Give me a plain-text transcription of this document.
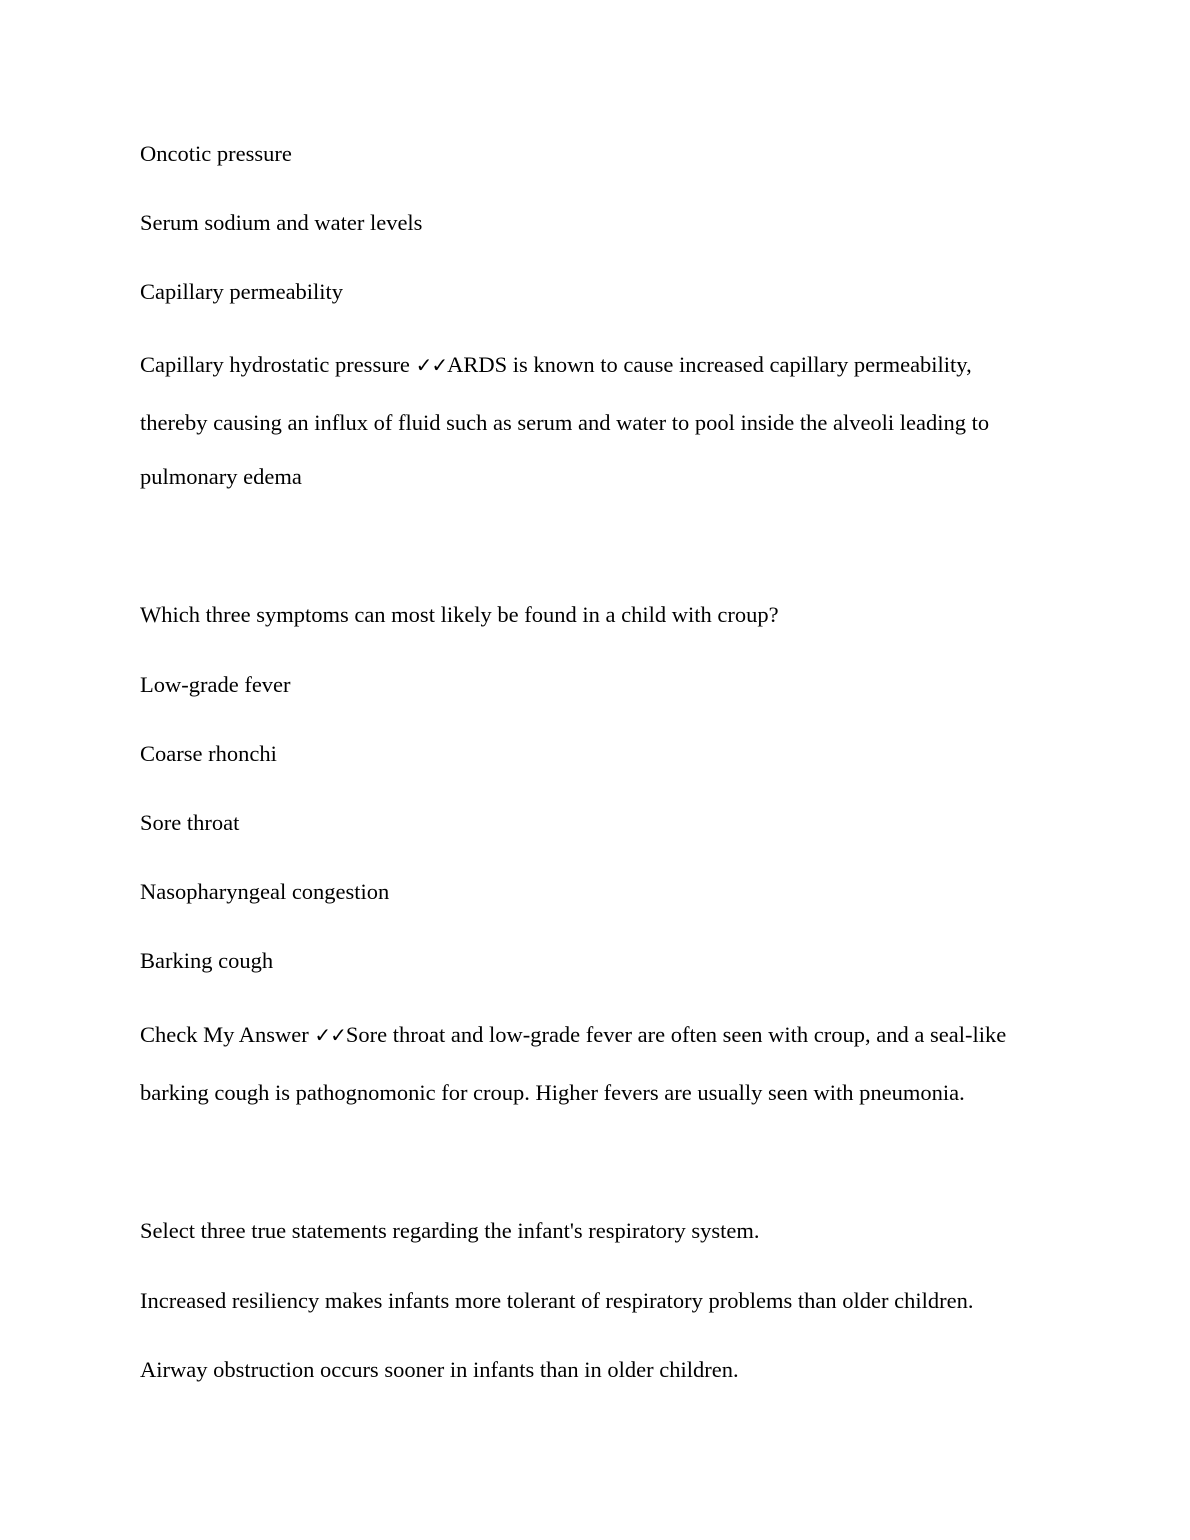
Oncotic pressure
Serum sodium and water levels
Capillary permeability
Capillary hydrostatic pressure ✓✓ARDS is known to cause increased capillary permeability,
thereby causing an influx of fluid such as serum and water to pool inside the alveoli leading to
pulmonary edema
Which three symptoms can most likely be found in a child with croup?
Low-grade fever
Coarse rhonchi
Sore throat
Nasopharyngeal congestion
Barking cough
Check My Answer ✓✓Sore throat and low-grade fever are often seen with croup, and a seal-like
barking cough is pathognomonic for croup. Higher fevers are usually seen with pneumonia.
Select three true statements regarding the infant's respiratory system.
Increased resiliency makes infants more tolerant of respiratory problems than older children.
Airway obstruction occurs sooner in infants than in older children.
